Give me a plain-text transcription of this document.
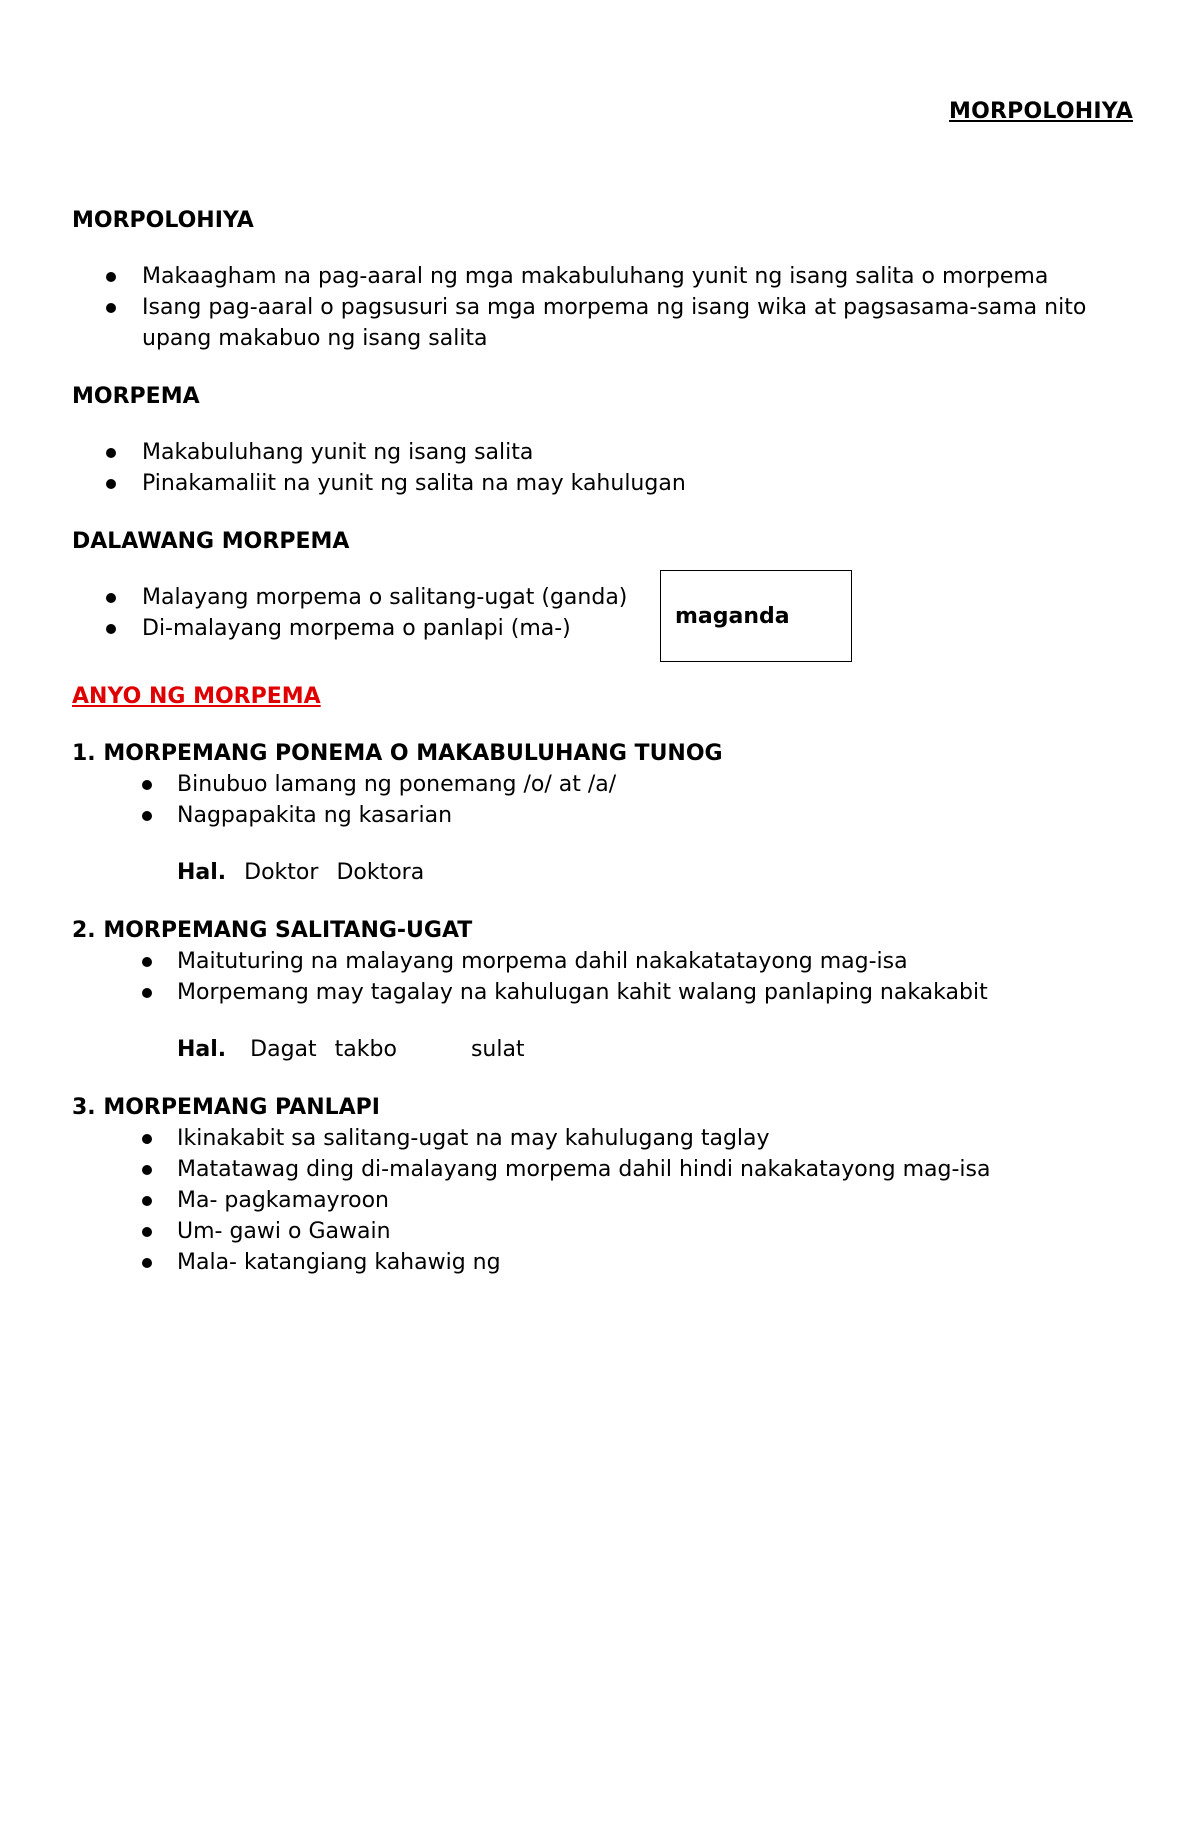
MORPOLOHIYA
MORPOLOHIYA
Makaagham na pag-aaral ng mga makabuluhang yunit ng isang salita o morpema
Isang pag-aaral o pagsusuri sa mga morpema ng isang wika at pagsasama-sama nito upang makabuo ng isang salita
MORPEMA
Makabuluhang yunit ng isang salita
Pinakamaliit na yunit ng salita na may kahulugan
DALAWANG MORPEMA
Malayang morpema o salitang-ugat (ganda)
Di-malayang morpema o panlapi (ma-)	maganda
ANYO NG MORPEMA
1. MORPEMANG PONEMA O MAKABULUHANG TUNOG
Binubuo lamang ng ponemang /o/ at /a/
Nagpapakita ng kasarian
Hal. Doktor Doktora
2. MORPEMANG SALITANG-UGAT
Maituturing na malayang morpema dahil nakakatatayong mag-isa
Morpemang may tagalay na kahulugan kahit walang panlaping nakakabit
Hal. Dagat takbo	sulat
3. MORPEMANG PANLAPI
Ikinakabit sa salitang-ugat na may kahulugang taglay
Matatawag ding di-malayang morpema dahil hindi nakakatayong mag-isa
Ma- pagkamayroon
Um- gawi o Gawain
Mala- katangiang kahawig ng
